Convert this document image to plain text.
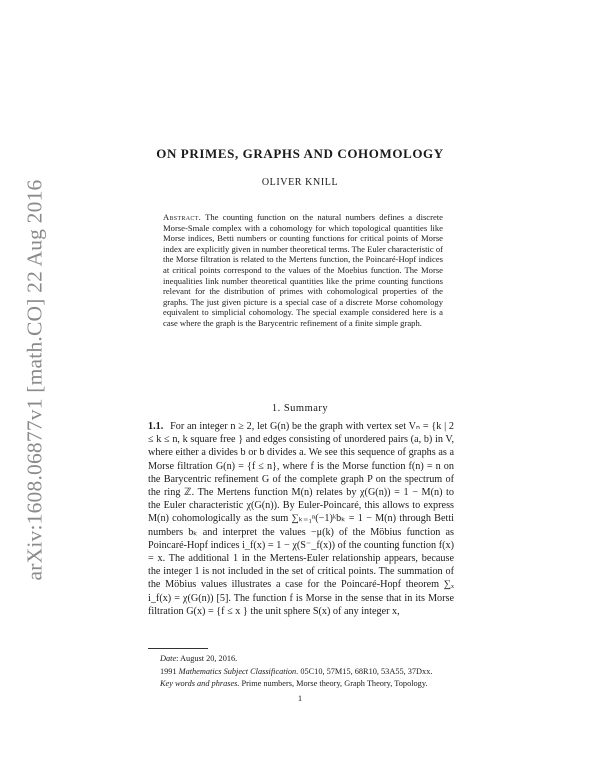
arXiv:1608.06877v1 [math.CO] 22 Aug 2016
ON PRIMES, GRAPHS AND COHOMOLOGY
OLIVER KNILL
Abstract. The counting function on the natural numbers defines a discrete Morse-Smale complex with a cohomology for which topological quantities like Morse indices, Betti numbers or counting functions for critical points of Morse index are explicitly given in number theoretical terms. The Euler characteristic of the Morse filtration is related to the Mertens function, the Poincaré-Hopf indices at critical points correspond to the values of the Moebius function. The Morse inequalities link number theoretical quantities like the prime counting functions relevant for the distribution of primes with cohomological properties of the graphs. The just given picture is a special case of a discrete Morse cohomology equivalent to simplicial cohomology. The special example considered here is a case where the graph is the Barycentric refinement of a finite simple graph.
1. Summary
1.1. For an integer n ≥ 2, let G(n) be the graph with vertex set Vₙ = {k | 2 ≤ k ≤ n, k square free } and edges consisting of unordered pairs (a, b) in V, where either a divides b or b divides a. We see this sequence of graphs as a Morse filtration G(n) = {f ≤ n}, where f is the Morse function f(n) = n on the Barycentric refinement G of the complete graph P on the spectrum of the ring ℤ. The Mertens function M(n) relates by χ(G(n)) = 1 − M(n) to the Euler characteristic χ(G(n)). By Euler-Poincaré, this allows to express M(n) cohomologically as the sum ∑ₖ₌₁ⁿ(−1)ᵏbₖ = 1 − M(n) through Betti numbers bₖ and interpret the values −μ(k) of the Möbius function as Poincaré-Hopf indices i_f(x) = 1 − χ(S⁻_f(x)) of the counting function f(x) = x. The additional 1 in the Mertens-Euler relationship appears, because the integer 1 is not included in the set of critical points. The summation of the Möbius values illustrates a case for the Poincaré-Hopf theorem ∑ₓ i_f(x) = χ(G(n)) [5]. The function f is Morse in the sense that in its Morse filtration G(x) = {f ≤ x } the unit sphere S(x) of any integer x,
Date: August 20, 2016.
1991 Mathematics Subject Classification. 05C10, 57M15, 68R10, 53A55, 37Dxx.
Key words and phrases. Prime numbers, Morse theory, Graph Theory, Topology.
1
